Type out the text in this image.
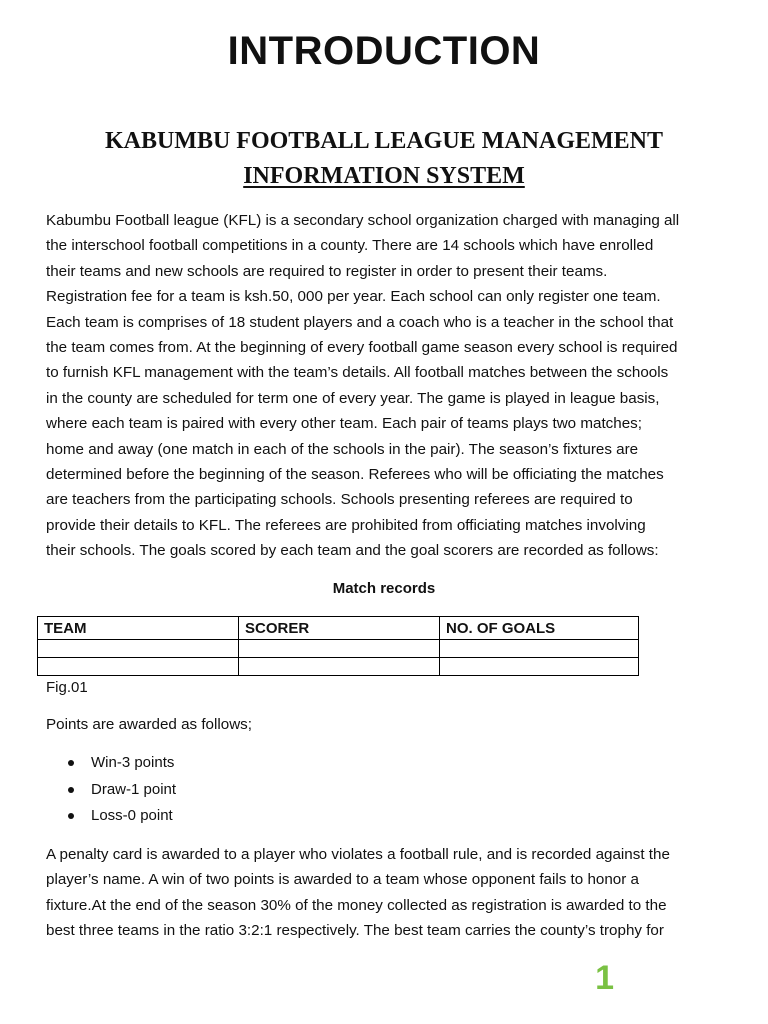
INTRODUCTION
KABUMBU FOOTBALL LEAGUE MANAGEMENT
INFORMATION SYSTEM
Kabumbu Football league (KFL) is a secondary school organization charged with managing all
the interschool football competitions in a county. There are 14 schools which have enrolled
their teams and new schools are required to register in order to present their teams.
Registration fee for a team is ksh.50, 000 per year. Each school can only register one team.
Each team is comprises of 18 student players and a coach who is a teacher in the school that
the team comes from. At the beginning of every football game season every school is required
to furnish KFL management with the team’s details. All football matches between the schools
in the county are scheduled for term one of every year. The game is played in league basis,
where each team is paired with every other team. Each pair of teams plays two matches;
home and away (one match in each of the schools in the pair). The season’s fixtures are
determined before the beginning of the season. Referees who will be officiating the matches
are teachers from the participating schools. Schools presenting referees are required to
provide their details to KFL. The referees are prohibited from officiating matches involving
their schools. The goals scored by each team and the goal scorers are recorded as follows:
Match records
TEAM	SCORER	NO. OF GOALS

Fig.01
Points are awarded as follows;
Win-3 points
Draw-1 point
Loss-0 point
A penalty card is awarded to a player who violates a football rule, and is recorded against the
player’s name. A win of two points is awarded to a team whose opponent fails to honor a
fixture.At the end of the season 30% of the money collected as registration is awarded to the
best three teams in the ratio 3:2:1 respectively. The best team carries the county’s trophy for
1
